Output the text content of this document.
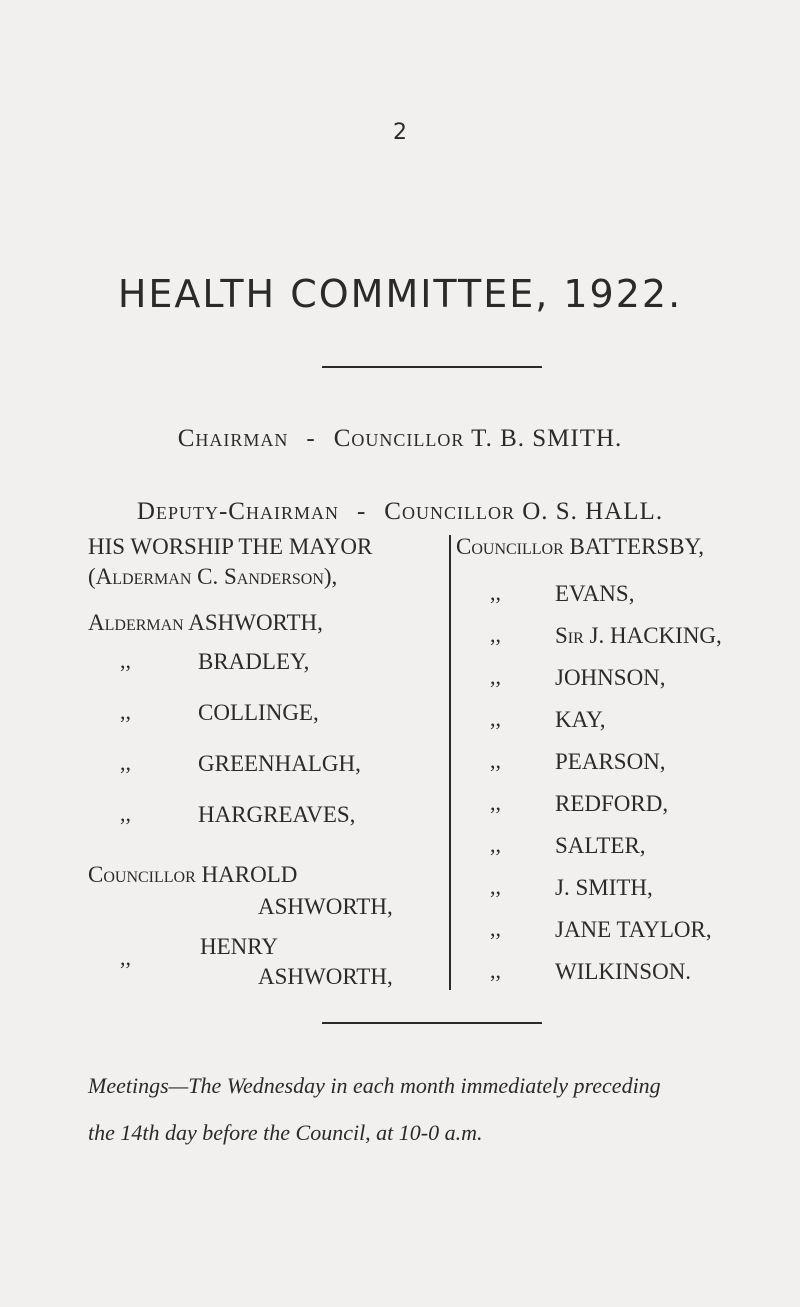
2
HEALTH COMMITTEE, 1922.
Chairman - Councillor T. B. SMITH.
Deputy-Chairman - Councillor O. S. HALL.
HIS WORSHIP THE MAYOR
(Alderman C. Sanderson),
Alderman ASHWORTH,
,,	BRADLEY,
,,	COLLINGE,
,,	GREENHALGH,
,,	HARGREAVES,
Councillor HAROLD
ASHWORTH,
,,	HENRY
ASHWORTH,
Councillor BATTERSBY,
,, EVANS,
,, Sir J. HACKING,
,, JOHNSON,
,, KAY,
,, PEARSON,
,, REDFORD,
,, SALTER,
,, J. SMITH,
,, JANE TAYLOR,
,, WILKINSON.
Meetings—The Wednesday in each month immediately preceding
the 14th day before the Council, at 10-0 a.m.
